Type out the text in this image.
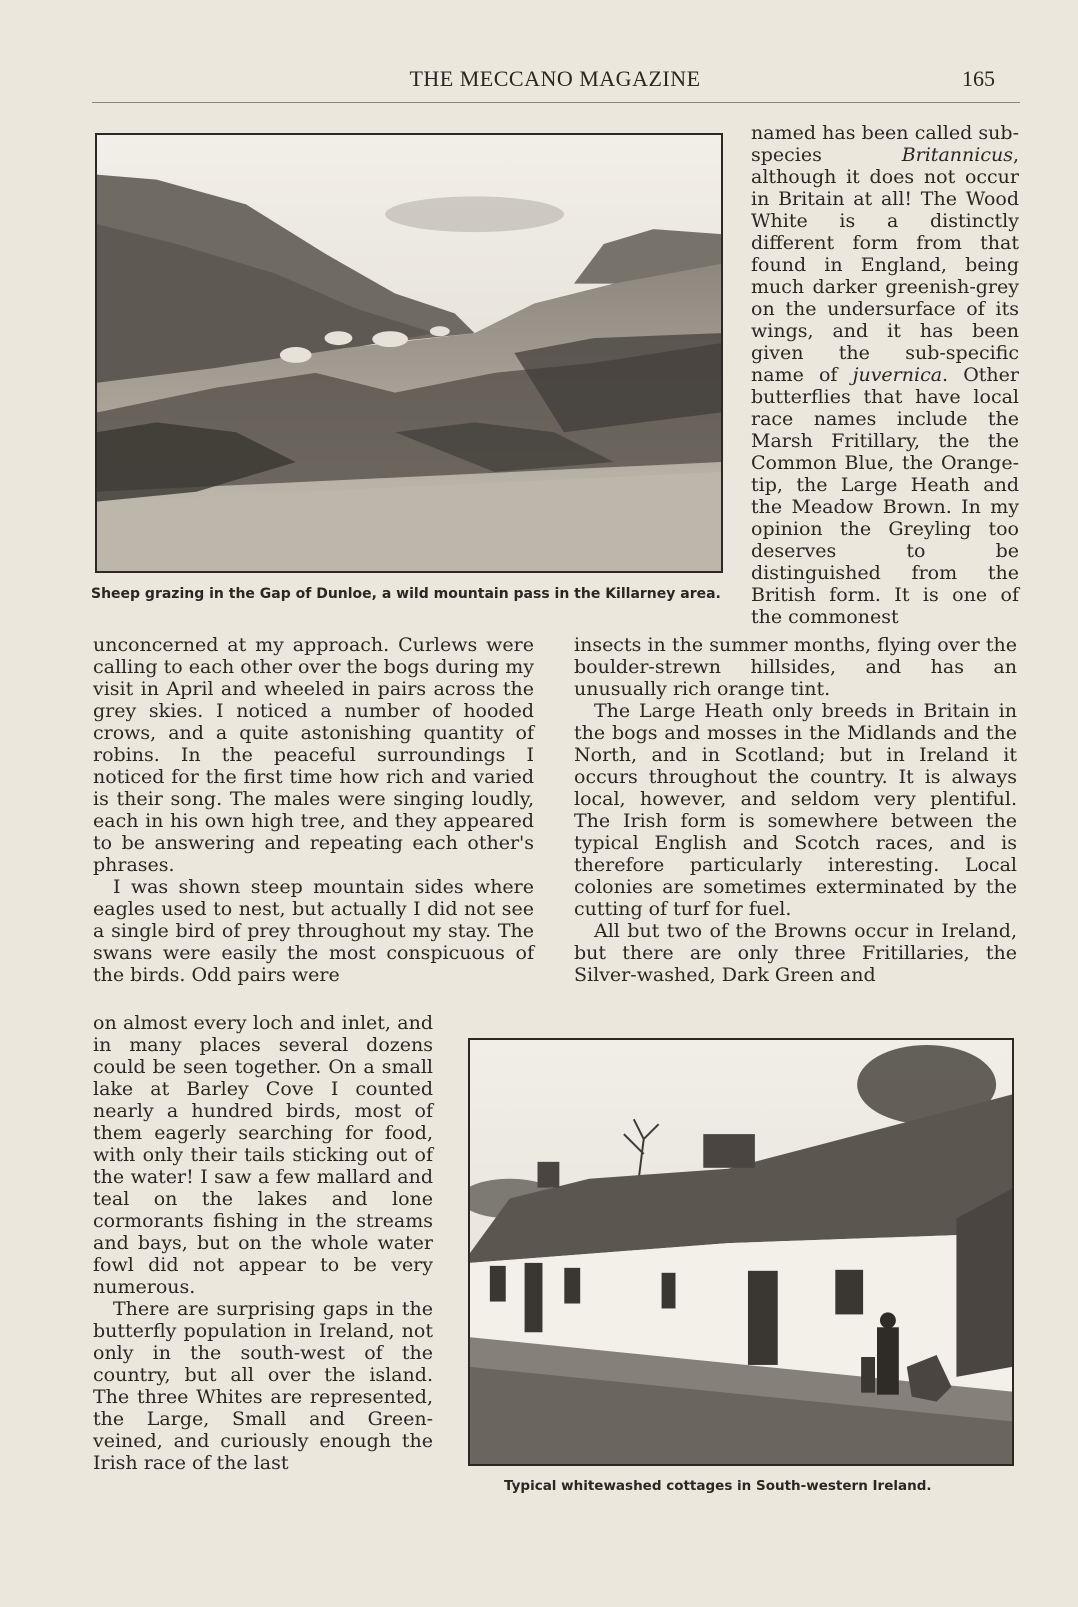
THE MECCANO MAGAZINE	165
Sheep grazing in the Gap of Dunloe, a wild mountain pass in the Killarney area.

named has been called sub-species Britannicus, although it does not occur in Britain at all! The Wood White is a distinctly different form from that found in England, being much darker greenish-grey on the undersurface of its wings, and it has been given the sub-specific name of juvernica. Other butterflies that have local race names include the Marsh Fritillary, the the Common Blue, the Orange-tip, the Large Heath and the Meadow Brown. In my opinion the Greyling too deserves to be distinguished from the British form. It is one of the commonest

unconcerned at my approach. Curlews were calling to each other over the bogs during my visit in April and wheeled in pairs across the grey skies. I noticed a number of hooded crows, and a quite astonishing quantity of robins. In the peaceful surroundings I noticed for the first time how rich and varied is their song. The males were singing loudly, each in his own high tree, and they appeared to be answering and repeating each other's phrases.

I was shown steep mountain sides where eagles used to nest, but actually I did not see a single bird of prey throughout my stay. The swans were easily the most conspicuous of the birds. Odd pairs were

on almost every loch and inlet, and in many places several dozens could be seen together. On a small lake at Barley Cove I counted nearly a hundred birds, most of them eagerly searching for food, with only their tails sticking out of the water! I saw a few mallard and teal on the lakes and lone cormorants fishing in the streams and bays, but on the whole water fowl did not appear to be very numerous.

There are surprising gaps in the butterfly population in Ireland, not only in the south-west of the country, but all over the island. The three Whites are represented, the Large, Small and Green-veined, and curiously enough the Irish race of the last

insects in the summer months, flying over the boulder-strewn hillsides, and has an unusually rich orange tint.

The Large Heath only breeds in Britain in the bogs and mosses in the Midlands and the North, and in Scotland; but in Ireland it occurs throughout the country. It is always local, however, and seldom very plentiful. The Irish form is somewhere between the typical English and Scotch races, and is therefore particularly interesting. Local colonies are sometimes exterminated by the cutting of turf for fuel.

All but two of the Browns occur in Ireland, but there are only three Fritillaries, the Silver-washed, Dark Green and

Typical whitewashed cottages in South-western Ireland.
